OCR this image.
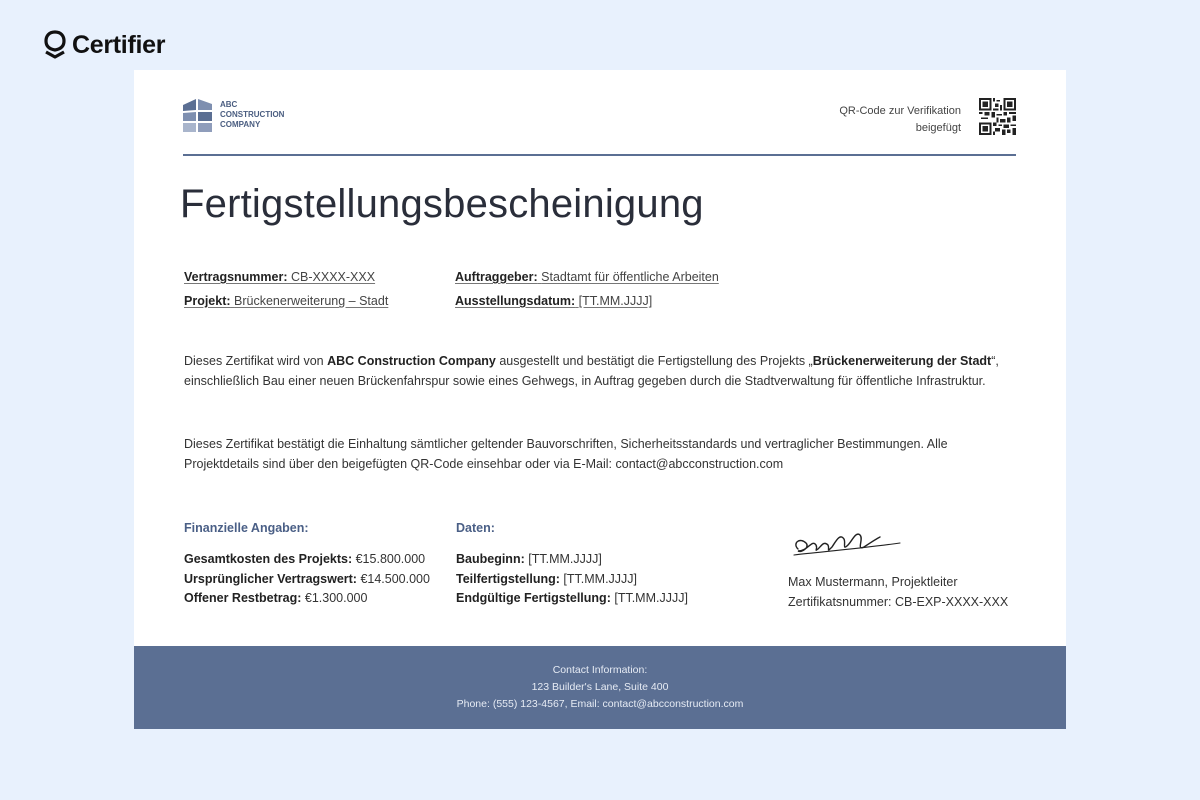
Certifier
ABC
CONSTRUCTION
COMPANY
QR-Code zur Verifikation
beigefügt
Fertigstellungsbescheinigung
Vertragsnummer: CB-XXXX-XXX
Projekt: Brückenerweiterung – Stadt
Auftraggeber: Stadtamt für öffentliche Arbeiten
Ausstellungsdatum: [TT.MM.JJJJ]

Dieses Zertifikat wird von ABC Construction Company ausgestellt und bestätigt die Fertigstellung des Projekts „Brückenerweiterung der Stadt“, einschließlich Bau einer neuen Brückenfahrspur sowie eines Gehwegs, in Auftrag gegeben durch die Stadtverwaltung für öffentliche Infrastruktur.

Dieses Zertifikat bestätigt die Einhaltung sämtlicher geltender Bauvorschriften, Sicherheitsstandards und vertraglicher Bestimmungen. Alle Projektdetails sind über den beigefügten QR-Code einsehbar oder via E-Mail: contact@abcconstruction.com

Finanzielle Angaben:	Daten:
Gesamtkosten des Projekts: €15.800.000
Ursprünglicher Vertragswert: €14.500.000
Offener Restbetrag: €1.300.000
Baubeginn: [TT.MM.JJJJ]
Teilfertigstellung: [TT.MM.JJJJ]
Endgültige Fertigstellung: [TT.MM.JJJJ]
Max Mustermann, Projektleiter
Zertifikatsnummer: CB-EXP-XXXX-XXX
Contact Information:
123 Builder's Lane, Suite 400
Phone: (555) 123-4567, Email: contact@abcconstruction.com
